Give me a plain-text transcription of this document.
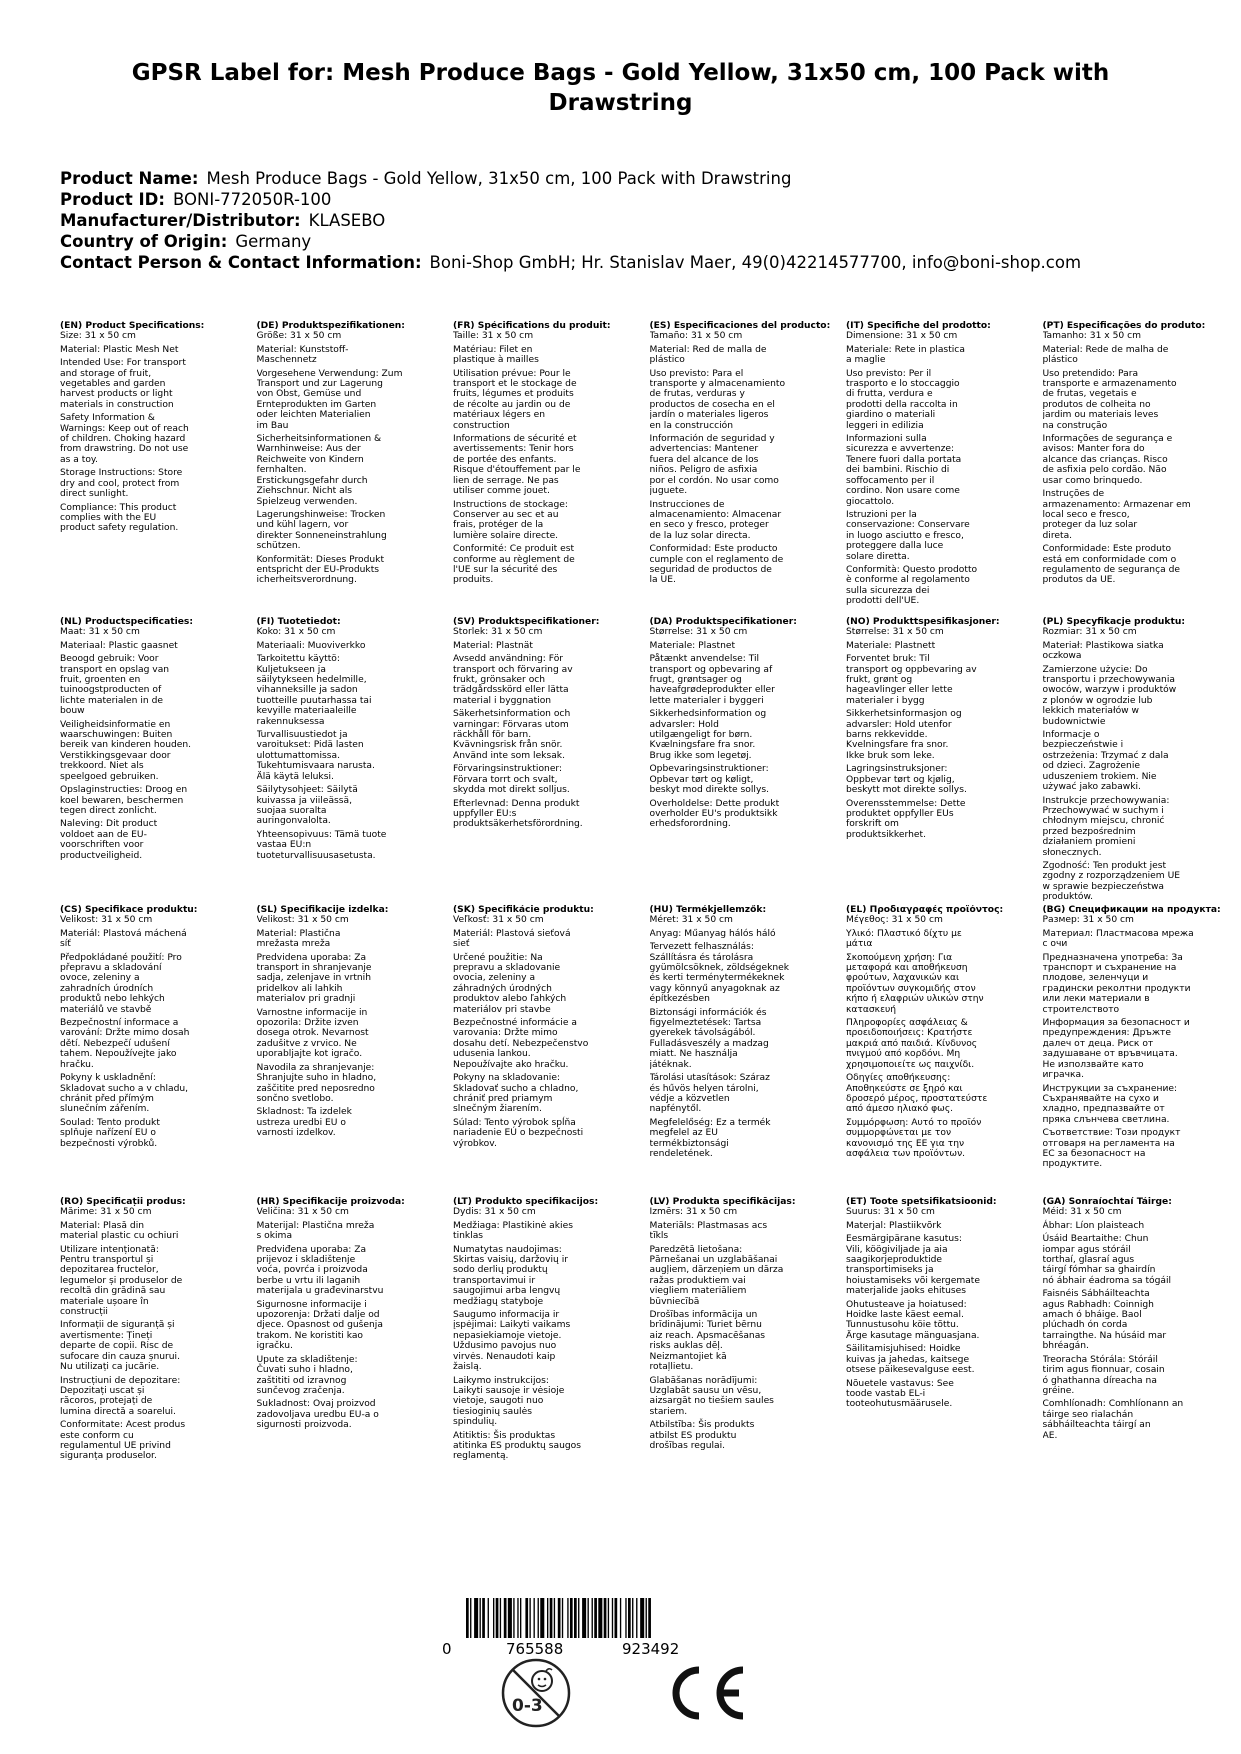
GPSR Label for: Mesh Produce Bags - Gold Yellow, 31x50 cm, 100 Pack with Drawstring
Product Name: Mesh Produce Bags - Gold Yellow, 31x50 cm, 100 Pack with Drawstring
Product ID: BONI-772050R-100
Manufacturer/Distributor: KLASEBO
Country of Origin: Germany
Contact Person & Contact Information: Boni-Shop GmbH; Hr. Stanislav Maer, 49(0)42214577700, info@boni-shop.com
(EN) Product Specifications:
Size: 31 x 50 cm
Material: Plastic Mesh Net
Intended Use: For transport
and storage of fruit,
vegetables and garden
harvest products or light
materials in construction
Safety Information &
Warnings: Keep out of reach
of children. Choking hazard
from drawstring. Do not use
as a toy.
Storage Instructions: Store
dry and cool, protect from
direct sunlight.
Compliance: This product
complies with the EU
product safety regulation.
(DE) Produktspezifikationen:
Größe: 31 x 50 cm
Material: Kunststoff-
Maschennetz
Vorgesehene Verwendung: Zum
Transport und zur Lagerung
von Obst, Gemüse und
Ernteprodukten im Garten
oder leichten Materialien
im Bau
Sicherheitsinformationen &
Warnhinweise: Aus der
Reichweite von Kindern
fernhalten.
Erstickungsgefahr durch
Ziehschnur. Nicht als
Spielzeug verwenden.
Lagerungshinweise: Trocken
und kühl lagern, vor
direkter Sonneneinstrahlung
schützen.
Konformität: Dieses Produkt
entspricht der EU-Produkts
icherheitsverordnung.
(FR) Spécifications du produit:
Taille: 31 x 50 cm
Matériau: Filet en
plastique à mailles
Utilisation prévue: Pour le
transport et le stockage de
fruits, légumes et produits
de récolte au jardin ou de
matériaux légers en
construction
Informations de sécurité et
avertissements: Tenir hors
de portée des enfants.
Risque d'étouffement par le
lien de serrage. Ne pas
utiliser comme jouet.
Instructions de stockage:
Conserver au sec et au
frais, protéger de la
lumière solaire directe.
Conformité: Ce produit est
conforme au règlement de
l'UE sur la sécurité des
produits.
(ES) Especificaciones del producto:
Tamaño: 31 x 50 cm
Material: Red de malla de
plástico
Uso previsto: Para el
transporte y almacenamiento
de frutas, verduras y
productos de cosecha en el
jardín o materiales ligeros
en la construcción
Información de seguridad y
advertencias: Mantener
fuera del alcance de los
niños. Peligro de asfixia
por el cordón. No usar como
juguete.
Instrucciones de
almacenamiento: Almacenar
en seco y fresco, proteger
de la luz solar directa.
Conformidad: Este producto
cumple con el reglamento de
seguridad de productos de
la UE.
(IT) Specifiche del prodotto:
Dimensione: 31 x 50 cm
Materiale: Rete in plastica
a maglie
Uso previsto: Per il
trasporto e lo stoccaggio
di frutta, verdura e
prodotti della raccolta in
giardino o materiali
leggeri in edilizia
Informazioni sulla
sicurezza e avvertenze:
Tenere fuori dalla portata
dei bambini. Rischio di
soffocamento per il
cordino. Non usare come
giocattolo.
Istruzioni per la
conservazione: Conservare
in luogo asciutto e fresco,
proteggere dalla luce
solare diretta.
Conformità: Questo prodotto
è conforme al regolamento
sulla sicurezza dei
prodotti dell'UE.
(PT) Especificações do produto:
Tamanho: 31 x 50 cm
Material: Rede de malha de
plástico
Uso pretendido: Para
transporte e armazenamento
de frutas, vegetais e
produtos de colheita no
jardim ou materiais leves
na construção
Informações de segurança e
avisos: Manter fora do
alcance das crianças. Risco
de asfixia pelo cordão. Não
usar como brinquedo.
Instruções de
armazenamento: Armazenar em
local seco e fresco,
proteger da luz solar
direta.
Conformidade: Este produto
está em conformidade com o
regulamento de segurança de
produtos da UE.
(NL) Productspecificaties:
Maat: 31 x 50 cm
Materiaal: Plastic gaasnet
Beoogd gebruik: Voor
transport en opslag van
fruit, groenten en
tuinoogstproducten of
lichte materialen in de
bouw
Veiligheidsinformatie en
waarschuwingen: Buiten
bereik van kinderen houden.
Verstikkingsgevaar door
trekkoord. Niet als
speelgoed gebruiken.
Opslaginstructies: Droog en
koel bewaren, beschermen
tegen direct zonlicht.
Naleving: Dit product
voldoet aan de EU-
voorschriften voor
productveiligheid.
(FI) Tuotetiedot:
Koko: 31 x 50 cm
Materiaali: Muoviverkko
Tarkoitettu käyttö:
Kuljetukseen ja
säilytykseen hedelmille,
vihanneksille ja sadon
tuotteille puutarhassa tai
kevyille materiaaleille
rakennuksessa
Turvallisuustiedot ja
varoitukset: Pidä lasten
ulottumattomissa.
Tukehtumisvaara narusta.
Älä käytä leluksi.
Säilytysohjeet: Säilytä
kuivassa ja viileässä,
suojaa suoralta
auringonvalolta.
Yhteensopivuus: Tämä tuote
vastaa EU:n
tuoteturvallisuusasetusta.
(SV) Produktspecifikationer:
Storlek: 31 x 50 cm
Material: Plastnät
Avsedd användning: För
transport och förvaring av
frukt, grönsaker och
trädgårdsskörd eller lätta
material i byggnation
Säkerhetsinformation och
varningar: Förvaras utom
räckhåll för barn.
Kvävningsrisk från snör.
Använd inte som leksak.
Förvaringsinstruktioner:
Förvara torrt och svalt,
skydda mot direkt solljus.
Efterlevnad: Denna produkt
uppfyller EU:s
produktsäkerhetsförordning.
(DA) Produktspecifikationer:
Størrelse: 31 x 50 cm
Materiale: Plastnet
Påtænkt anvendelse: Til
transport og opbevaring af
frugt, grøntsager og
haveafgrødeprodukter eller
lette materialer i byggeri
Sikkerhedsinformation og
advarsler: Hold
utilgængeligt for børn.
Kvælningsfare fra snor.
Brug ikke som legetøj.
Opbevaringsinstruktioner:
Opbevar tørt og køligt,
beskyt mod direkte sollys.
Overholdelse: Dette produkt
overholder EU's produktsikk
erhedsforordning.
(NO) Produkttspesifikasjoner:
Størrelse: 31 x 50 cm
Materiale: Plastnett
Forventet bruk: Til
transport og oppbevaring av
frukt, grønt og
hageavlinger eller lette
materialer i bygg
Sikkerhetsinformasjon og
advarsler: Hold utenfor
barns rekkevidde.
Kvelningsfare fra snor.
Ikke bruk som leke.
Lagringsinstruksjoner:
Oppbevar tørt og kjølig,
beskytt mot direkte sollys.
Overensstemmelse: Dette
produktet oppfyller EUs
forskrift om
produktsikkerhet.
(PL) Specyfikacje produktu:
Rozmiar: 31 x 50 cm
Materiał: Plastikowa siatka
oczkowa
Zamierzone użycie: Do
transportu i przechowywania
owoców, warzyw i produktów
z plonów w ogrodzie lub
lekkich materiałów w
budownictwie
Informacje o
bezpieczeństwie i
ostrzeżenia: Trzymać z dala
od dzieci. Zagrożenie
uduszeniem trokiem. Nie
używać jako zabawki.
Instrukcje przechowywania:
Przechowywać w suchym i
chłodnym miejscu, chronić
przed bezpośrednim
działaniem promieni
słonecznych.
Zgodność: Ten produkt jest
zgodny z rozporządzeniem UE
w sprawie bezpieczeństwa
produktów.
(CS) Specifikace produktu:
Velikost: 31 x 50 cm
Materiál: Plastová máchená
síť
Předpokládané použití: Pro
přepravu a skladování
ovoce, zeleniny a
zahradních úrodních
produktů nebo lehkých
materiálů ve stavbě
Bezpečnostní informace a
varování: Držte mimo dosah
dětí. Nebezpečí udušení
tahem. Nepoužívejte jako
hračku.
Pokyny k uskladnění:
Skladovat sucho a v chladu,
chránit před přímým
slunečním zářením.
Soulad: Tento produkt
splňuje nařízení EU o
bezpečnosti výrobků.
(SL) Specifikacije izdelka:
Velikost: 31 x 50 cm
Material: Plastična
mrežasta mreža
Predvidena uporaba: Za
transport in shranjevanje
sadja, zelenjave in vrtnih
pridelkov ali lahkih
materialov pri gradnji
Varnostne informacije in
opozorila: Držite izven
dosega otrok. Nevarnost
zadušitve z vrvico. Ne
uporabljajte kot igračo.
Navodila za shranjevanje:
Shranjujte suho in hladno,
zaščitite pred neposredno
sončno svetlobo.
Skladnost: Ta izdelek
ustreza uredbi EU o
varnosti izdelkov.
(SK) Špecifikácie produktu:
Veľkosť: 31 x 50 cm
Materiál: Plastová sieťová
sieť
Určené použitie: Na
prepravu a skladovanie
ovocia, zeleniny a
záhradných úrodných
produktov alebo ľahkých
materiálov pri stavbe
Bezpečnostné informácie a
varovania: Držte mimo
dosahu detí. Nebezpečenstvo
udusenia lankou.
Nepoužívajte ako hračku.
Pokyny na skladovanie:
Skladovať sucho a chladno,
chrániť pred priamym
slnečným žiarením.
Súlad: Tento výrobok spĺňa
nariadenie EÚ o bezpečnosti
výrobkov.
(HU) Termékjellemzők:
Méret: 31 x 50 cm
Anyag: Műanyag hálós háló
Tervezett felhasználás:
Szállításra és tárolásra
gyümölcsöknek, zöldségeknek
és kerti terménytermékeknek
vagy könnyű anyagoknak az
építkezésben
Biztonsági információk és
figyelmeztetések: Tartsa
gyerekek távolságából.
Fulladásveszély a madzag
miatt. Ne használja
játéknak.
Tárolási utasítások: Száraz
és hűvös helyen tárolni,
védje a közvetlen
napfénytől.
Megfelelőség: Ez a termék
megfelel az EU
termékbiztonsági
rendeletének.
(EL) Προδιαγραφές προϊόντος:
Μέγεθος: 31 x 50 cm
Υλικό: Πλαστικό δίχτυ με
μάτια
Σκοπούμενη χρήση: Για
μεταφορά και αποθήκευση
φρούτων, λαχανικών και
προϊόντων συγκομιδής στον
κήπο ή ελαφριών υλικών στην
κατασκευή
Πληροφορίες ασφάλειας &
προειδοποιήσεις: Κρατήστε
μακριά από παιδιά. Κίνδυνος
πνιγμού από κορδόνι. Μη
χρησιμοποιείτε ως παιχνίδι.
Οδηγίες αποθήκευσης:
Αποθηκεύστε σε ξηρό και
δροσερό μέρος, προστατεύστε
από άμεσο ηλιακό φως.
Συμμόρφωση: Αυτό το προϊόν
συμμορφώνεται με τον
κανονισμό της ΕΕ για την
ασφάλεια των προϊόντων.
(BG) Спецификации на продукта:
Размер: 31 x 50 cm
Материал: Пластмасова мрежа
с очи
Предназначена употреба: За
транспорт и съхранение на
плодове, зеленчуци и
градински реколтни продукти
или леки материали в
строителството
Информация за безопасност и
предупреждения: Дръжте
далеч от деца. Риск от
задушаване от връвчицата.
Не използвайте като
играчка.
Инструкции за съхранение:
Съхранявайте на сухо и
хладно, предпазвайте от
пряка слънчева светлина.
Съответствие: Този продукт
отговаря на регламента на
ЕС за безопасност на
продуктите.
(RO) Specificații produs:
Mărime: 31 x 50 cm
Material: Plasă din
material plastic cu ochiuri
Utilizare intenționată:
Pentru transportul și
depozitarea fructelor,
legumelor și produselor de
recoltă din grădină sau
materiale ușoare în
construcții
Informații de siguranță și
avertismente: Țineți
departe de copii. Risc de
sufocare din cauza șnurui.
Nu utilizați ca jucărie.
Instrucțiuni de depozitare:
Depozitați uscat și
răcoros, protejați de
lumina directă a soarelui.
Conformitate: Acest produs
este conform cu
regulamentul UE privind
siguranța produselor.
(HR) Specifikacije proizvoda:
Veličina: 31 x 50 cm
Materijal: Plastična mreža
s okima
Predviđena uporaba: Za
prijevoz i skladištenje
voća, povrća i proizvoda
berbe u vrtu ili laganih
materijala u građevinarstvu
Sigurnosne informacije i
upozorenja: Držati dalje od
djece. Opasnost od gušenja
trakom. Ne koristiti kao
igračku.
Upute za skladištenje:
Čuvati suho i hladno,
zaštititi od izravnog
sunčevog zračenja.
Sukladnost: Ovaj proizvod
zadovoljava uredbu EU-a o
sigurnosti proizvoda.
(LT) Produkto specifikacijos:
Dydis: 31 x 50 cm
Medžiaga: Plastikinė akies
tinklas
Numatytas naudojimas:
Skirtas vaisių, daržovių ir
sodo derlių produktų
transportavimui ir
saugojimui arba lengvų
medžiagų statyboje
Saugumo informacija ir
įspėjimai: Laikyti vaikams
nepasiekiamoje vietoje.
Uždusimo pavojus nuo
virvės. Nenaudoti kaip
žaislą.
Laikymo instrukcijos:
Laikyti sausoje ir vėsioje
vietoje, saugoti nuo
tiesioginių saulės
spindulių.
Atitiktis: Šis produktas
atitinka ES produktų saugos
reglamentą.
(LV) Produkta specifikācijas:
Izmērs: 31 x 50 cm
Materiāls: Plastmasas acs
tīkls
Paredzētā lietošana:
Pārnešanai un uzglabāšanai
augļiem, dārzeņiem un dārza
ražas produktiem vai
viegliem materiāliem
būvniecībā
Drošības informācija un
brīdinājumi: Turiet bērnu
aiz reach. Apsmacēšanas
risks auklas dēļ.
Neizmantojiet kā
rotaļlietu.
Glabāšanas norādījumi:
Uzglabāt sausu un vēsu,
aizsargāt no tiešiem saules
stariem.
Atbilstība: Šis produkts
atbilst ES produktu
drošības regulai.
(ET) Toote spetsifikatsioonid:
Suurus: 31 x 50 cm
Materjal: Plastiikvõrk
Eesmärgipärane kasutus:
Vili, köögiviljade ja aia
saagikorjeproduktide
transportimiseks ja
hoiustamiseks või kergemate
materjalide jaoks ehituses
Ohutusteave ja hoiatused:
Hoidke laste käest eemal.
Tunnustusohu köie tõttu.
Ärge kasutage mänguasjana.
Säilitamisjuhised: Hoidke
kuivas ja jahedas, kaitsege
otsese päikesevalguse eest.
Nõuetele vastavus: See
toode vastab EL-i
tooteohutusmäärusele.
(GA) Sonraíochtaí Táirge:
Méid: 31 x 50 cm
Ábhar: Líon plaisteach
Úsáid Beartaithe: Chun
iompar agus stóráil
torthaí, glasraí agus
táirgí fómhar sa ghairdín
nó ábhair éadroma sa tógáil
Faisnéis Sábháilteachta
agus Rabhadh: Coinnigh
amach ó bháige. Baol
plúchadh ón corda
tarraingthe. Na húsáid mar
bhréagán.
Treoracha Stórála: Stóráil
tirim agus fionnuar, cosain
ó ghathanna díreacha na
gréine.
Comhlíonadh: Comhlíonann an
táirge seo rialachán
sábháilteachta táirgí an
AE.
0	765588	923492
0-3
